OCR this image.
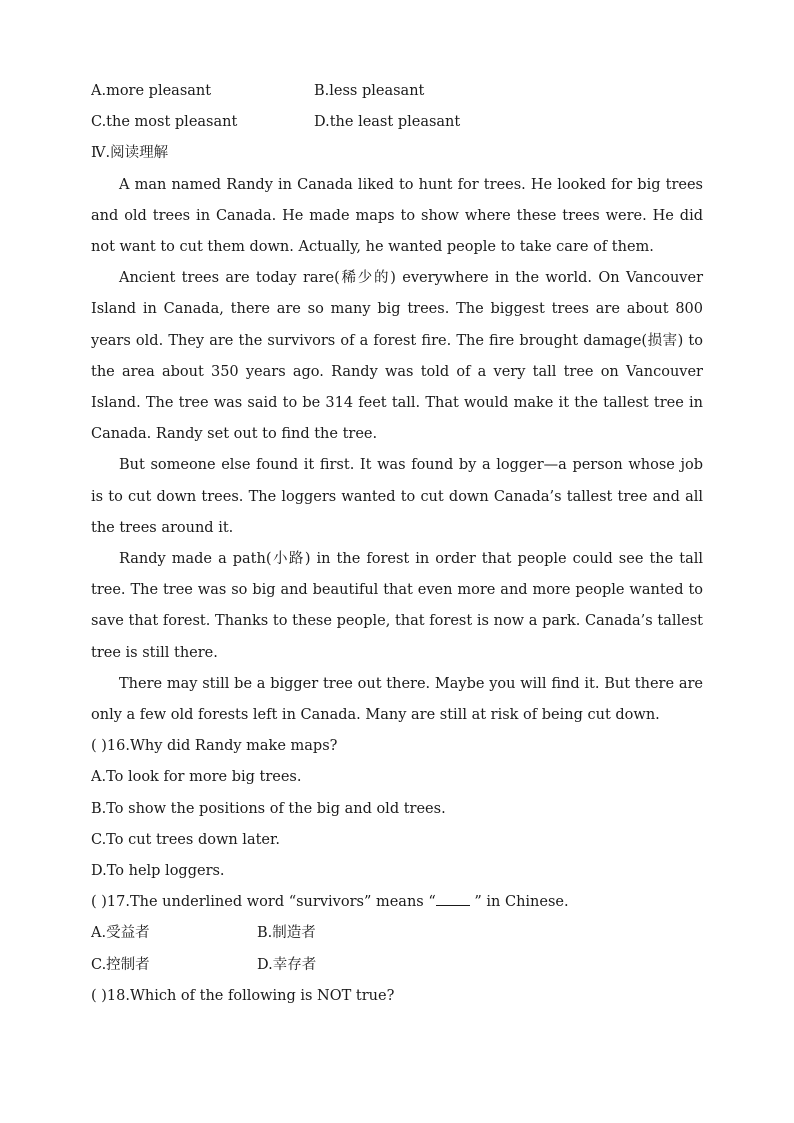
A.more pleasant	B.less pleasant
C.the most pleasant	D.the least pleasant
Ⅳ.阅读理解

A man named Randy in Canada liked to hunt for trees. He looked for big trees and old trees in Canada. He made maps to show where these trees were. He did not want to cut them down. Actually, he wanted people to take care of them.

Ancient trees are today rare(稀少的) everywhere in the world. On Vancouver Island in Canada, there are so many big trees. The biggest trees are about 800 years old. They are the survivors of a forest fire. The fire brought damage(损害) to the area about 350 years ago. Randy was told of a very tall tree on Vancouver Island. The tree was said to be 314 feet tall. That would make it the tallest tree in Canada. Randy set out to find the tree.

But someone else found it first. It was found by a logger—a person whose job is to cut down trees. The loggers wanted to cut down Canada’s tallest tree and all the trees around it.

Randy made a path(小路) in the forest in order that people could see the tall tree. The tree was so big and beautiful that even more and more people wanted to save that forest. Thanks to these people, that forest is now a park. Canada’s tallest tree is still there.

There may still be a bigger tree out there. Maybe you will find it. But there are only a few old forests left in Canada. Many are still at risk of being cut down.

( )16.Why did Randy make maps?
A.To look for more big trees.
B.To show the positions of the big and old trees.
C.To cut trees down later.
D.To help loggers.
( )17.The underlined word “survivors” means “ ” in Chinese.
A.受益者	B.制造者
C.控制者	D.幸存者
( )18.Which of the following is NOT true?
